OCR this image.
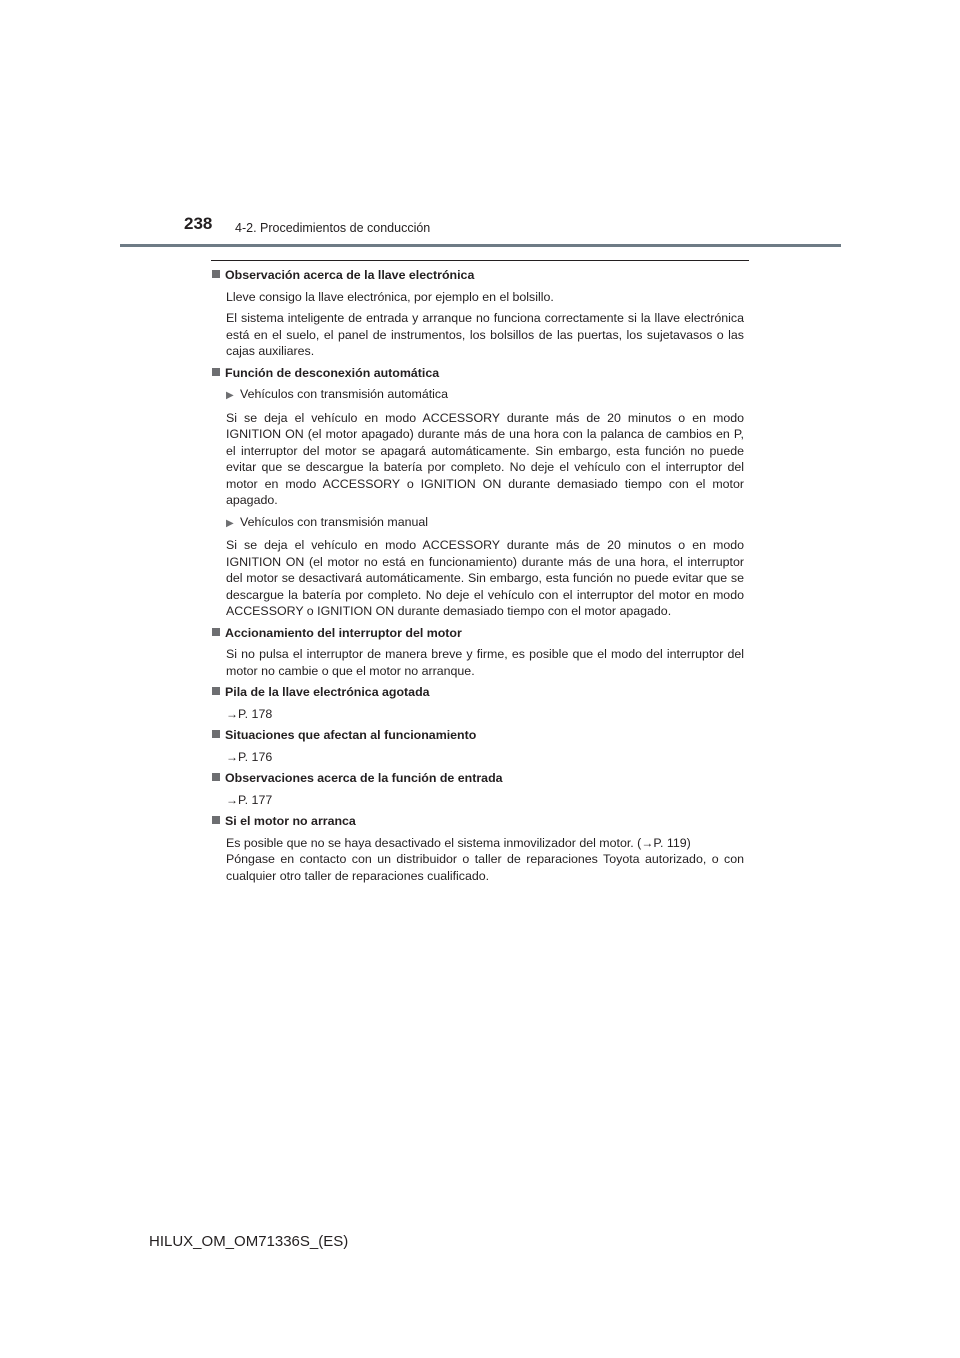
238 4-2. Procedimientos de conducción
Observación acerca de la llave electrónica
Lleve consigo la llave electrónica, por ejemplo en el bolsillo.
El sistema inteligente de entrada y arranque no funciona correctamente si la llave electrónica está en el suelo, el panel de instrumentos, los bolsillos de las puertas, los sujetavasos o las cajas auxiliares.
Función de desconexión automática
▶ Vehículos con transmisión automática
Si se deja el vehículo en modo ACCESSORY durante más de 20 minutos o en modo IGNITION ON (el motor apagado) durante más de una hora con la palanca de cambios en P, el interruptor del motor se apagará automáticamente. Sin embargo, esta función no puede evitar que se descargue la batería por completo. No deje el vehículo con el interruptor del motor en modo ACCESSORY o IGNITION ON durante demasiado tiempo con el motor apagado.
▶ Vehículos con transmisión manual
Si se deja el vehículo en modo ACCESSORY durante más de 20 minutos o en modo IGNITION ON (el motor no está en funcionamiento) durante más de una hora, el interruptor del motor se desactivará automáticamente. Sin embargo, esta función no puede evitar que se descargue la batería por completo. No deje el vehículo con el interruptor del motor en modo ACCESSORY o IGNITION ON durante demasiado tiempo con el motor apagado.
Accionamiento del interruptor del motor
Si no pulsa el interruptor de manera breve y firme, es posible que el modo del interruptor del motor no cambie o que el motor no arranque.
Pila de la llave electrónica agotada
→P. 178
Situaciones que afectan al funcionamiento
→P. 176
Observaciones acerca de la función de entrada
→P. 177
Si el motor no arranca
Es posible que no se haya desactivado el sistema inmovilizador del motor. (→P. 119)
Póngase en contacto con un distribuidor o taller de reparaciones Toyota autorizado, o con cualquier otro taller de reparaciones cualificado.
HILUX_OM_OM71336S_(ES)
